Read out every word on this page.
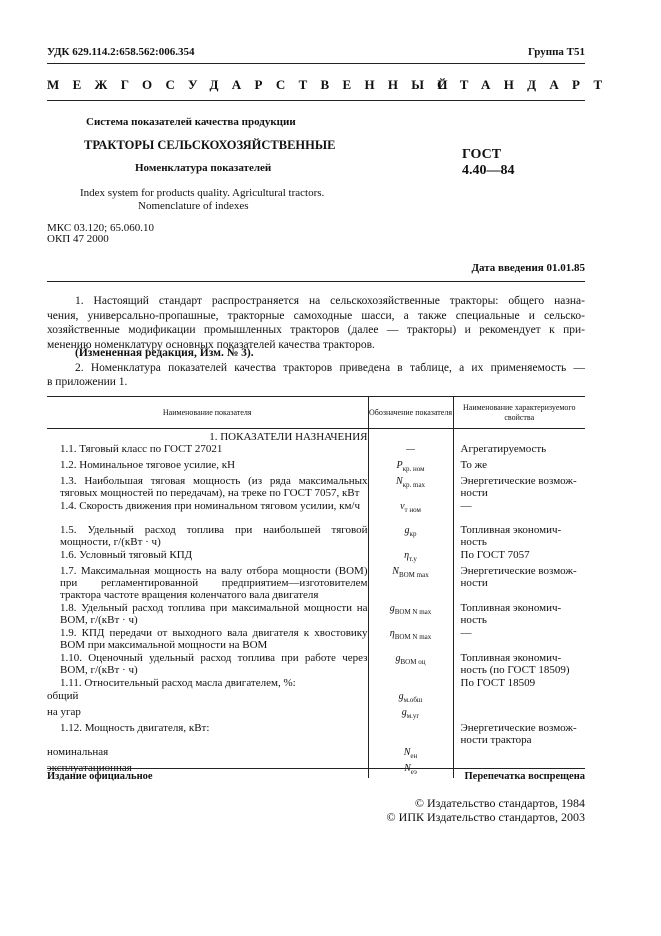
УДК 629.114.2:658.562:006.354	Группа Т51
МЕЖГОСУДАРСТВЕННЫЙ
СТАНДАРТ
Система показателей качества продукции
ТРАКТОРЫ СЕЛЬСКОХОЗЯЙСТВЕННЫЕ
Номенклатура показателей
Index system for products quality. Agricultural tractors.
Nomenclature of indexes
ГОСТ
4.40—84
МКС 03.120; 65.060.10
ОКП 47 2000
Дата введения 01.01.85
1. Настоящий стандарт распространяется на сельскохозяйственные тракторы: общего назна-
чения, универсально-пропашные, тракторные самоходные шасси, а также специальные и сельско-
хозяйственные модификации промышленных тракторов (далее — тракторы) и рекомендует к при-
менению номенклатуру основных показателей качества тракторов.
(Измененная редакция, Изм. № 3).
2. Номенклатура показателей качества тракторов приведена в таблице, а их применяемость —
в приложении 1.
Наименование показателя	Обозначение показателя	Наименование характеризуемого свойства
1. ПОКАЗАТЕЛИ НАЗНАЧЕНИЯ		
1.1. Тяговый класс по ГОСТ 27021	—	Агрегатируемость
1.2. Номинальное тяговое усилие, кН	$P_{кр. ном}$	То же
1.3. Наибольшая тяговая мощность (из ряда максимальных тяговых мощностей по передачам), на треке по ГОСТ 7057, кВт	$N_{кр. max}$	Энергетические возмож-ности
1.4. Скорость движения при номинальном тяговом усилии, км/ч	$v_{т ном}$	—
1.5. Удельный расход топлива при наибольшей тяговой мощности, г/(кВт · ч)	$g_{кр}$	Топливная экономич-ность
1.6. Условный тяговый КПД	$\eta_{т.у}$	По ГОСТ 7057
1.7. Максимальная мощность на валу отбора мощности (ВОМ) при регламентированной предприятием—изготовителем трактора частоте вращения коленчатого вала двигателя	$N_{ВОМ max}$	Энергетические возмож-ности
1.8. Удельный расход топлива при максимальной мощности на ВОМ, г/(кВт · ч)	$g_{ВОМ N max}$	Топливная экономич-ность
1.9. КПД передачи от выходного вала двигателя к хвостовику ВОМ при максимальной мощности на ВОМ	$\eta_{ВОМ N max}$	—
1.10. Оценочный удельный расход топлива при работе через ВОМ, г/(кВт · ч)	$g_{ВОМ оц}$	Топливная экономич-ность (по ГОСТ 18509)
1.11. Относительный расход масла двигателем, %:		По ГОСТ 18509
общий	$g_{м.обш}$	
на угар	$g_{м.уг}$	
1.12. Мощность двигателя, кВт:		Энергетические возмож-ности трактора
номинальная	$N_{eн}$	
эксплуатационная	$N_{eэ}$	
Издание официальное	Перепечатка воспрещена
© Издательство стандартов, 1984
© ИПК Издательство стандартов, 2003
